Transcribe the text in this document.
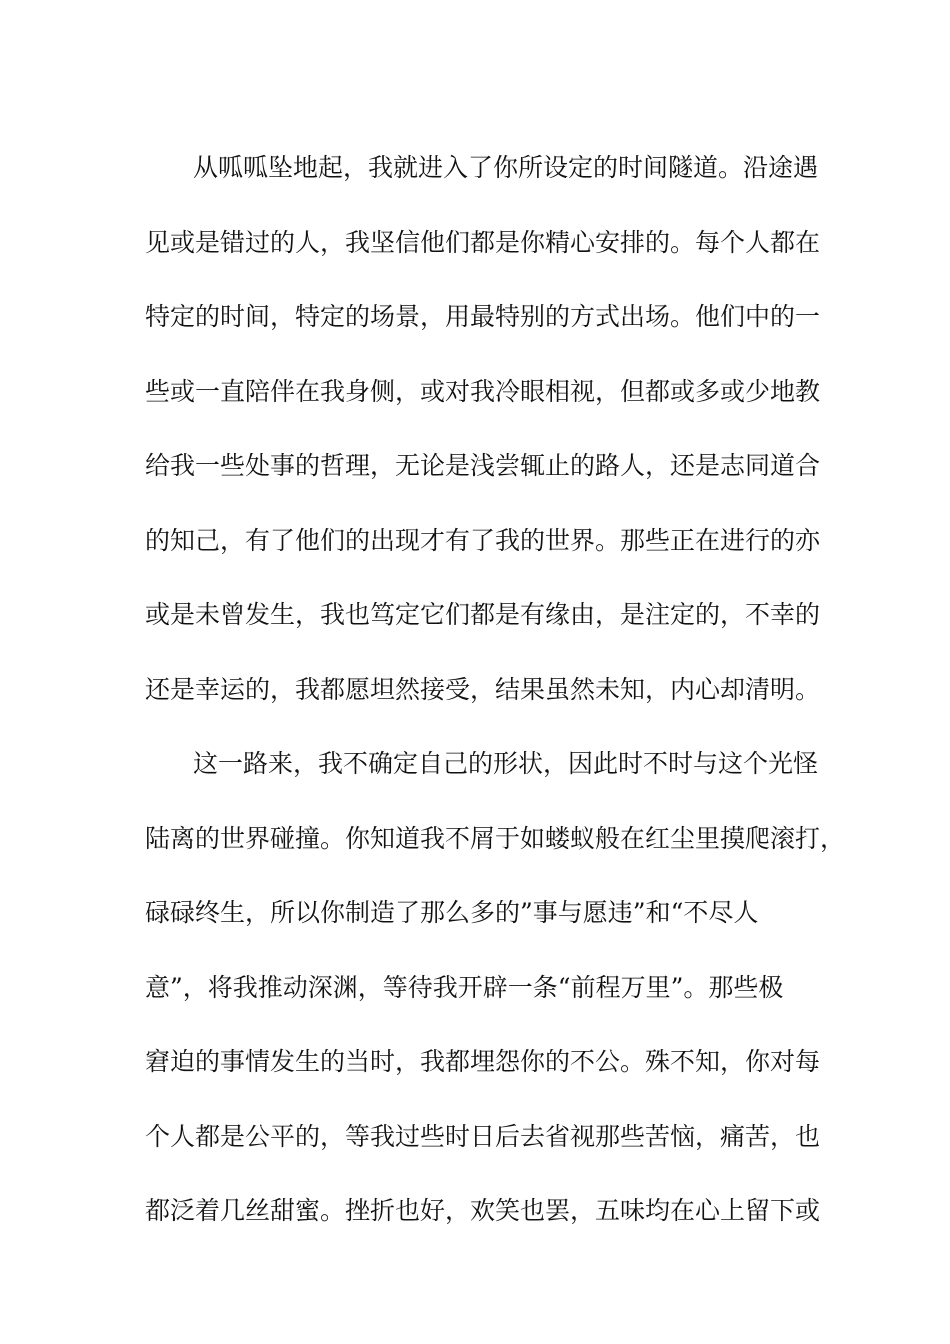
从呱呱坠地起，我就进入了你所设定的时间隧道。沿途遇
见或是错过的人，我坚信他们都是你精心安排的。每个人都在
特定的时间，特定的场景，用最特别的方式出场。他们中的一
些或一直陪伴在我身侧，或对我冷眼相视，但都或多或少地教
给我一些处事的哲理，无论是浅尝辄止的路人，还是志同道合
的知己，有了他们的出现才有了我的世界。那些正在进行的亦
或是未曾发生，我也笃定它们都是有缘由，是注定的，不幸的
还是幸运的，我都愿坦然接受，结果虽然未知，内心却清明。
这一路来，我不确定自己的形状，因此时不时与这个光怪
陆离的世界碰撞。你知道我不屑于如蝼蚁般在红尘里摸爬滚打，
碌碌终生，所以你制造了那么多的”事与愿违”和“不尽人
意”，将我推动深渊，等待我开辟一条“前程万里”。那些极
窘迫的事情发生的当时，我都埋怨你的不公。殊不知，你对每
个人都是公平的，等我过些时日后去省视那些苦恼，痛苦，也
都泛着几丝甜蜜。挫折也好，欢笑也罢，五味均在心上留下或
